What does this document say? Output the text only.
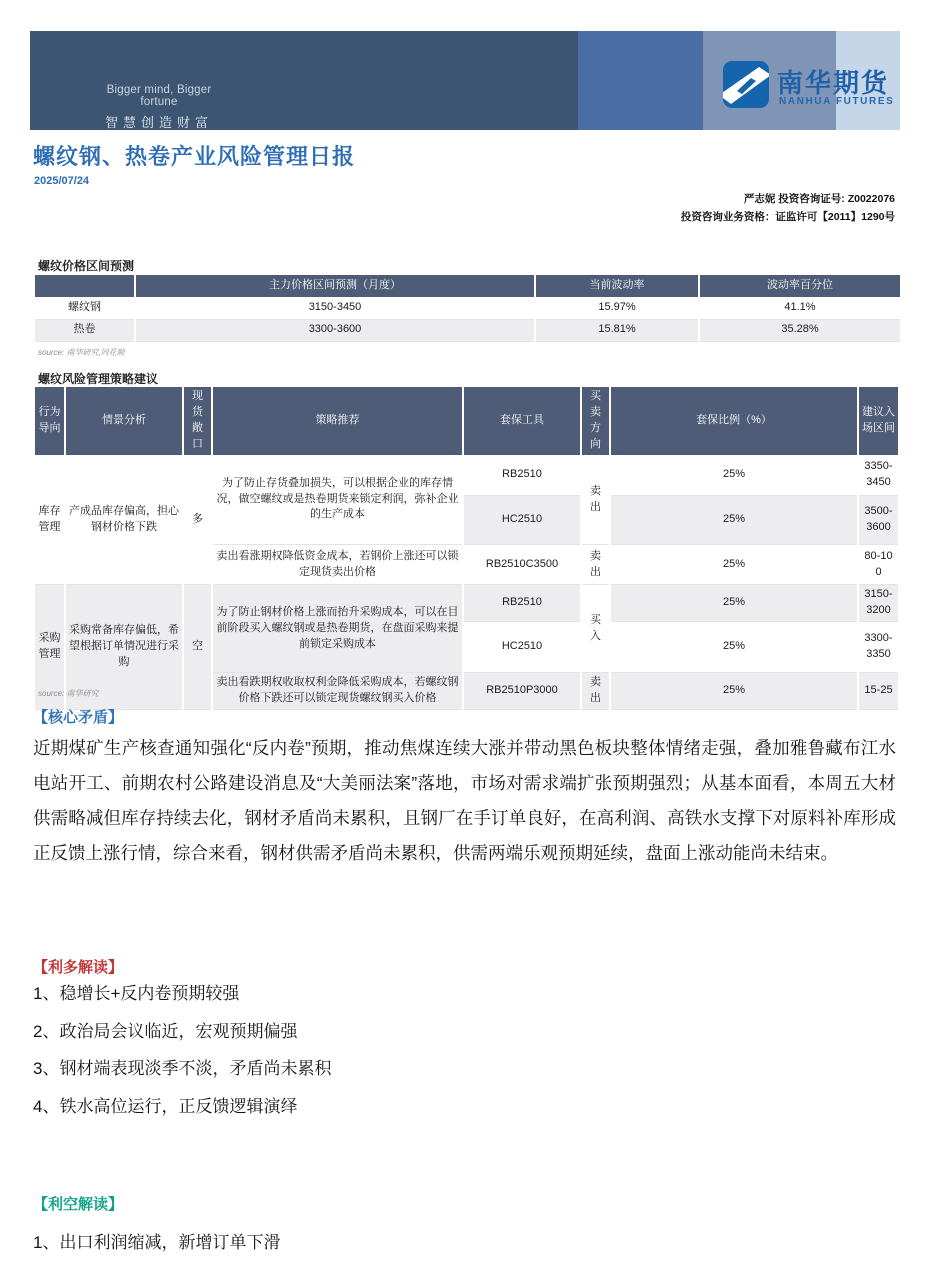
Bigger mind, Bigger fortune
智慧创造财富
南华期货
NANHUA FUTURES
螺纹钢、热卷产业风险管理日报
2025/07/24
严志妮 投资咨询证号: Z0022076
投资咨询业务资格：证监许可【2011】1290号
螺纹价格区间预测
	主力价格区间预测（月度）	当前波动率	波动率百分位
螺纹钢	3150-3450	15.97%	41.1%
热卷	3300-3600	15.81%	35.28%
source: 南华研究,同花顺
螺纹风险管理策略建议
行为导向	情景分析	现货敞口	策略推荐	套保工具	买卖方向	套保比例（%）	建议入场区间
库存管理	产成品库存偏高，担心钢材价格下跌	多	为了防止存货叠加损失，可以根据企业的库存情况，做空螺纹或是热卷期货来锁定利润，弥补企业的生产成本	RB2510	卖出	25%	3350-3450
				HC2510		25%	3500-3600
			卖出看涨期权降低资金成本，若钢价上涨还可以锁定现货卖出价格	RB2510C3500	卖出	25%	80-100
采购管理	采购常备库存偏低，希望根据订单情况进行采购	空	为了防止钢材价格上涨而抬升采购成本，可以在目前阶段买入螺纹钢或是热卷期货，在盘面采购来提前锁定采购成本	RB2510	买入	25%	3150-3200
				HC2510		25%	3300-3350
			卖出看跌期权收取权利金降低采购成本，若螺纹钢价格下跌还可以锁定现货螺纹钢买入价格	RB2510P3000	卖出	25%	15-25
source: 南华研究
【核心矛盾】
近期煤矿生产核查通知强化“反内卷”预期，推动焦煤连续大涨并带动黑色板块整体情绪走强，叠加雅鲁藏布江水电站开工、前期农村公路建设消息及“大美丽法案”落地，市场对需求端扩张预期强烈；从基本面看，本周五大材供需略减但库存持续去化，钢材矛盾尚未累积，且钢厂在手订单良好，在高利润、高铁水支撑下对原料补库形成正反馈上涨行情，综合来看，钢材供需矛盾尚未累积，供需两端乐观预期延续，盘面上涨动能尚未结束。
【利多解读】
1、稳增长+反内卷预期较强
2、政治局会议临近，宏观预期偏强
3、钢材端表现淡季不淡，矛盾尚未累积
4、铁水高位运行，正反馈逻辑演绎
【利空解读】
1、出口利润缩减，新增订单下滑
